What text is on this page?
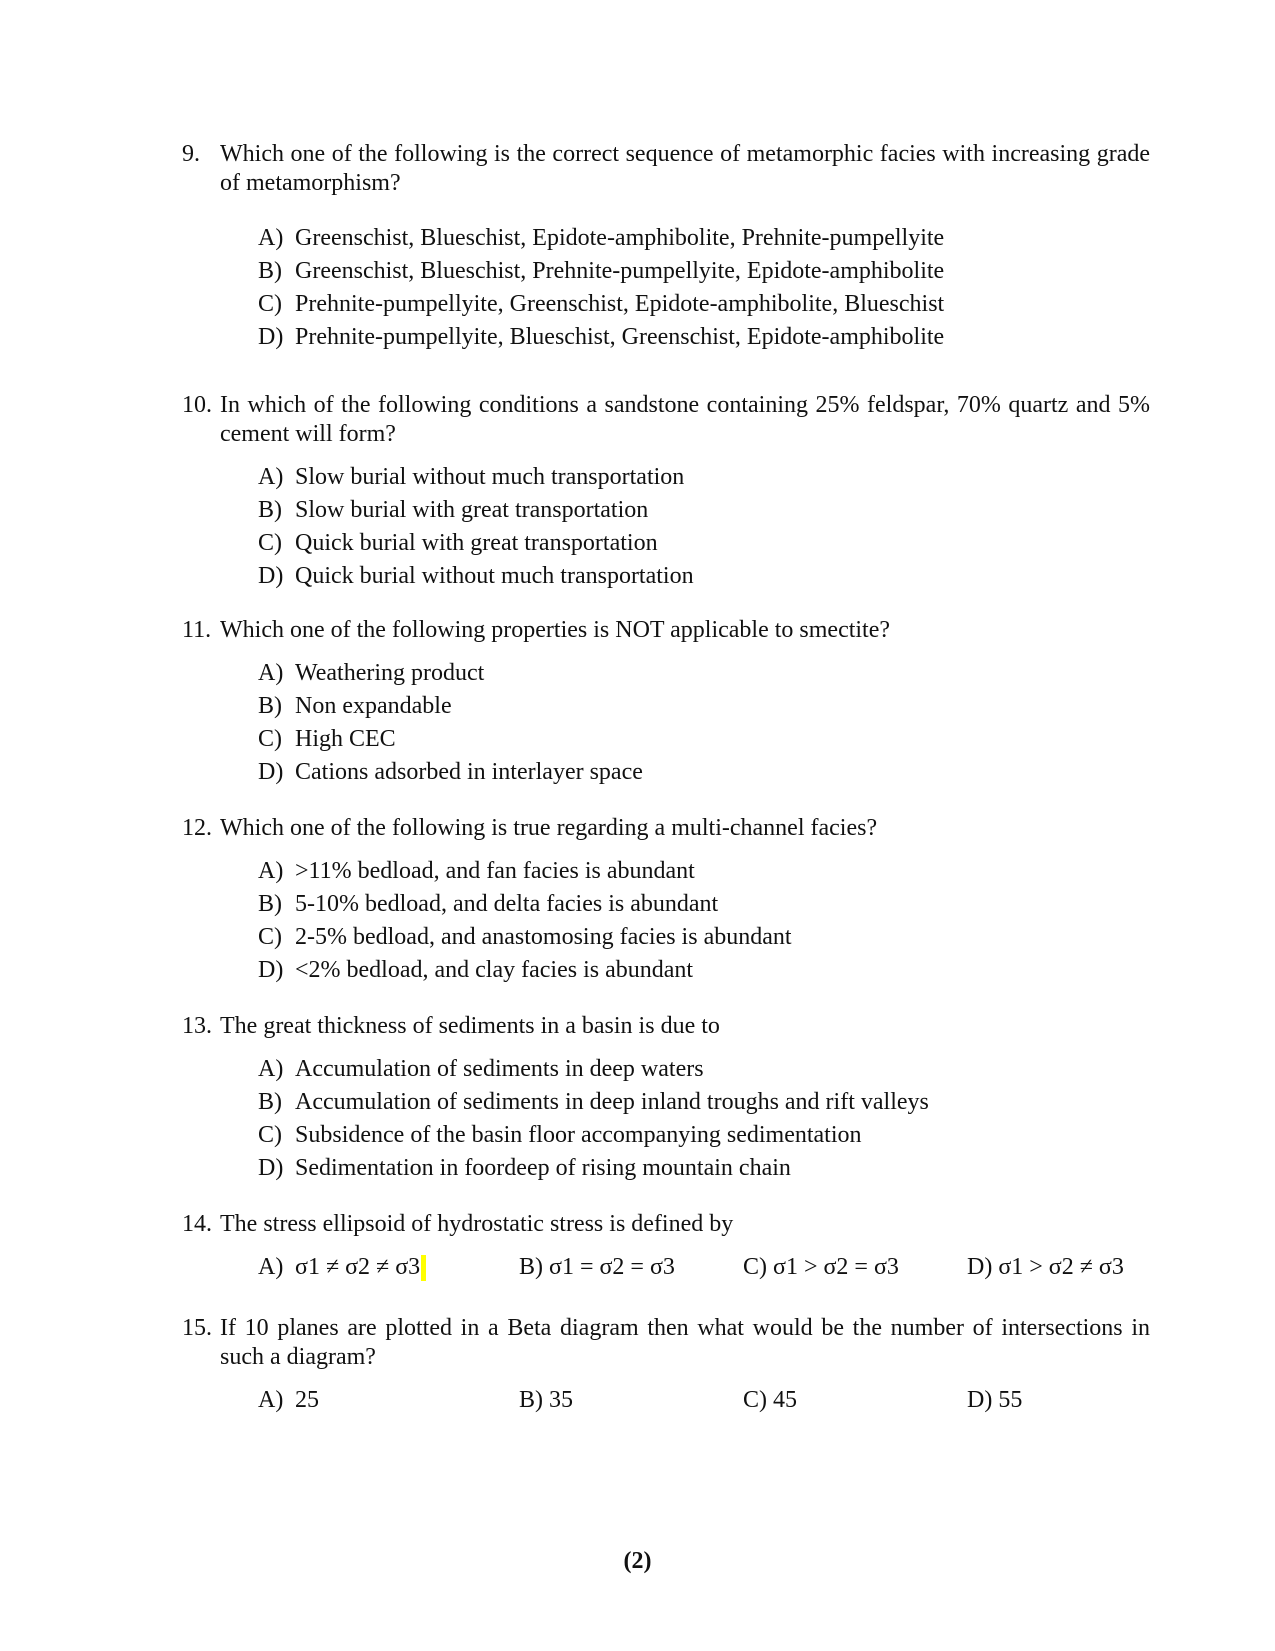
9. Which one of the following is the correct sequence of metamorphic facies with increasing grade of metamorphism?
A) Greenschist, Blueschist, Epidote-amphibolite, Prehnite-pumpellyite
B) Greenschist, Blueschist, Prehnite-pumpellyite, Epidote-amphibolite
C) Prehnite-pumpellyite, Greenschist, Epidote-amphibolite, Blueschist
D) Prehnite-pumpellyite, Blueschist, Greenschist, Epidote-amphibolite
10. In which of the following conditions a sandstone containing 25% feldspar, 70% quartz and 5% cement will form?
A) Slow burial without much transportation
B) Slow burial with great transportation
C) Quick burial with great transportation
D) Quick burial without much transportation
11. Which one of the following properties is NOT applicable to smectite?
A) Weathering product
B) Non expandable
C) High CEC
D) Cations adsorbed in interlayer space
12. Which one of the following is true regarding a multi-channel facies?
A) >11% bedload, and fan facies is abundant
B) 5-10% bedload, and delta facies is abundant
C) 2-5% bedload, and anastomosing facies is abundant
D) <2% bedload, and clay facies is abundant
13. The great thickness of sediments in a basin is due to
A) Accumulation of sediments in deep waters
B) Accumulation of sediments in deep inland troughs and rift valleys
C) Subsidence of the basin floor accompanying sedimentation
D) Sedimentation in foordeep of rising mountain chain
14. The stress ellipsoid of hydrostatic stress is defined by
A) σ1 ≠ σ2 ≠ σ3	B) σ1 = σ2 = σ3	C) σ1 > σ2 = σ3	D) σ1 > σ2 ≠ σ3
15. If 10 planes are plotted in a Beta diagram then what would be the number of intersections in such a diagram?
A) 25	B) 35	C) 45	D) 55
(2)
